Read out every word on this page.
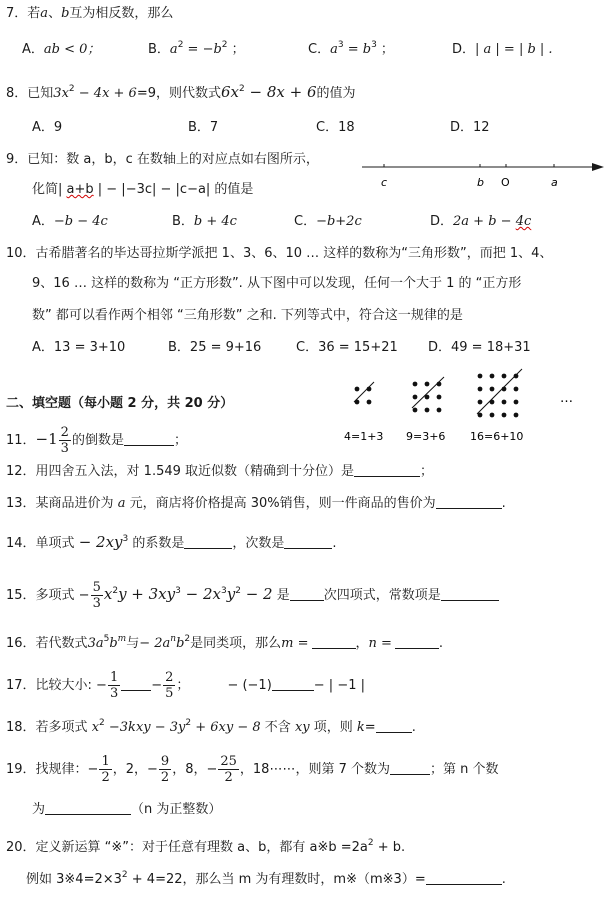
7．若a、b互为相反数，那么
A．ab < 0；	B．$a^2 = -b^2$ ；	C．$a^3 = b^3$ ；	D．| a | = | b | .
8．已知$3x^2 - 4x + 6=9$，则代数式$6x^2 - 8x + 6$的值为
A．9	B．7	C．18	D．12
9．已知：数 a，b，c 在数轴上的对应点如右图所示，
化简| a+b | − |−3c| − |c−a| 的值是	c	b O	a
A．−b − 4c	B．b + 4c	C．−b+2c	D．2a + b − 4c
10．古希腊著名的毕达哥拉斯学派把 1、3、6、10 … 这样的数称为“三角形数”，而把 1、4、
9、16 … 这样的数称为 “正方形数”. 从下图中可以发现，任何一个大于 1 的 “正方形
数” 都可以看作两个相邻 “三角形数” 之和. 下列等式中，符合这一规律的是
A．13 = 3+10	B．25 = 9+16	C．36 = 15+21 D．49 = 18+31
二、填空题（每小题 2 分，共 20 分）	…
4=1+3 9=3+6 16=6+10
11．$-1 \frac{2}{3}$ 的倒数是	；
12．用四舍五入法，对 1.549 取近似数（精确到十分位）是	；
13．某商品进价为 a 元，商店将价格提高 30%销售，则一件商品的售价为	.
14．单项式 − $2xy^3$ 的系数是	，次数是	.
15．多项式 − $\frac{5}{3} x^2y + 3xy^3 - 2x^3y^2 - 2$ 是	次四项式，常数项是
16．若代数式$3a^5b^m$与− $2a^nb^2$是同类项，那么m =	，n =	.
17．比较大小: − $\frac{1}{3} - \frac{2}{5}$ ；	− (−1)	− | −1 |
18．若多项式 $x^2 -3kxy - 3y^2 + 6xy - 8$ 不含 xy 项，则 k=	.
19．找规律：− $\frac{1}{2}$ ，2，− $\frac{9}{2}$ ，8，− $\frac{25}{2}$ ，18⋯⋯，则第 7 个数为	；第 n 个数
为	（n 为正整数）
20．定义新运算 “※”：对于任意有理数 a、b，都有 a※b $=2a^2 + b$.
例如 $3※4=2\times 3^2 + 4=22$，那么当 m 为有理数时，m※（m※3）=	.
